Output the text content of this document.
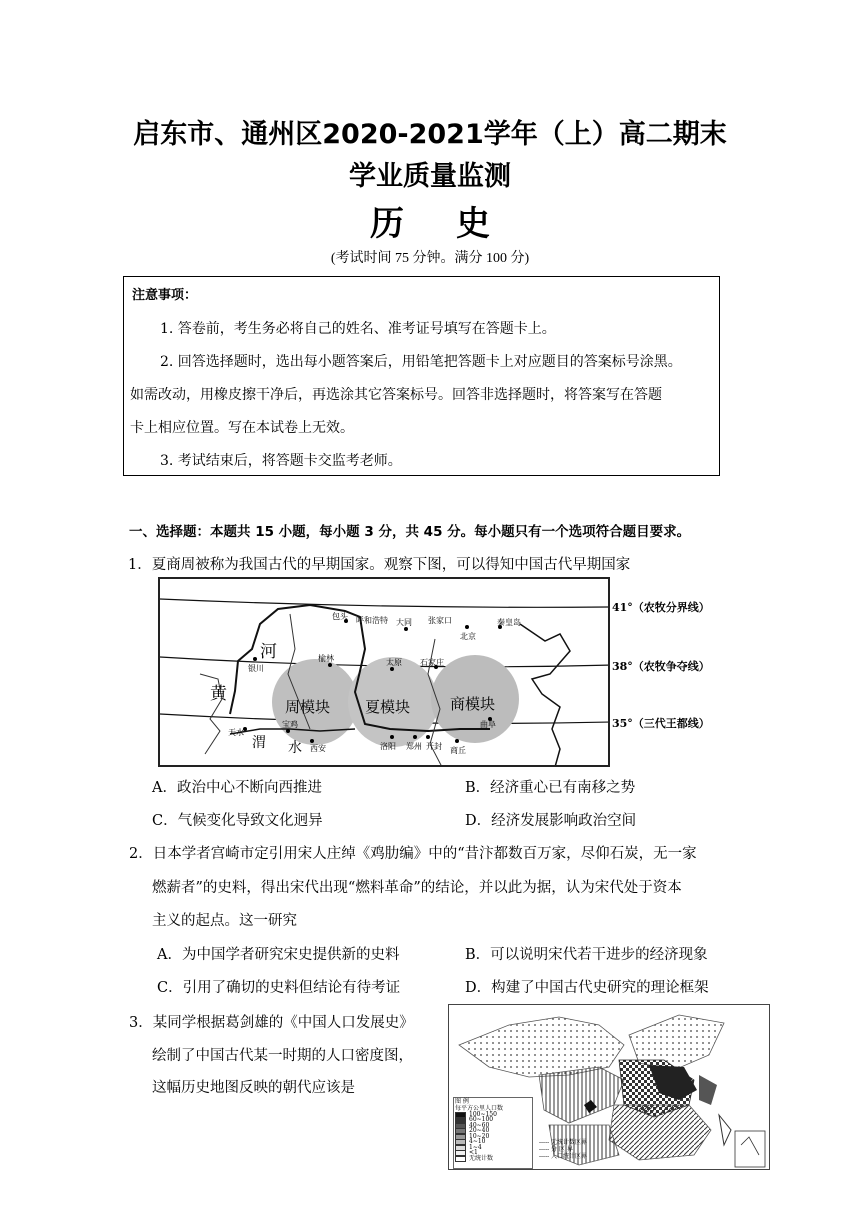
启东市、通州区2020-2021学年（上）高二期末
学业质量监测
历 史
(考试时间 75 分钟。满分 100 分)

注意事项：

1. 答卷前，考生务必将自己的姓名、准考证号填写在答题卡上。

2. 回答选择题时，选出每小题答案后，用铅笔把答题卡上对应题目的答案标号涂黑。

如需改动，用橡皮擦干净后，再选涂其它答案标号。回答非选择题时，将答案写在答题

卡上相应位置。写在本试卷上无效。

3. 考试结束后，将答题卡交监考老师。

一、选择题：本题共 15 小题，每小题 3 分，共 45 分。每小题只有一个选项符合题目要求。
1．夏商周被称为我国古代的早期国家。观察下图，可以得知中国古代早期国家
周模块 夏模块	商模块
河
黄
渭 水
包头 呼和浩特 大同 张家口
北京
秦皇岛
银川
榆林	太原 石家庄
天水
宝鸡
西安	洛阳 郑州 开封 商丘
曲阜
41°（农牧分界线）
38°（农牧争夺线）
35°（三代王都线）
A．政治中心不断向西推进	B．经济重心已有南移之势
C．气候变化导致文化迥异	D．经济发展影响政治空间
2．日本学者宫崎市定引用宋人庄绰《鸡肋编》中的“昔汴都数百万家，尽仰石炭，无一家
燃薪者”的史料，得出宋代出现“燃料革命”的结论，并以此为据，认为宋代处于资本
主义的起点。这一研究
A．为中国学者研究宋史提供新的史料	B．可以说明宋代若干进步的经济现象
C．引用了确切的史料但结论有待考证	D．构建了中国古代史研究的理论框架
3．某同学根据葛剑雄的《中国人口发展史》
绘制了中国古代某一时期的人口密度图，
这幅历史地图反映的朝代应该是
图 例
每平方公里人口数
100~150
60~100
40~60
20~40
10~20
4~10
1~4
<1
无统计数
----- 无统计数区界
----- 分 区 界
----- 人口统计区界
